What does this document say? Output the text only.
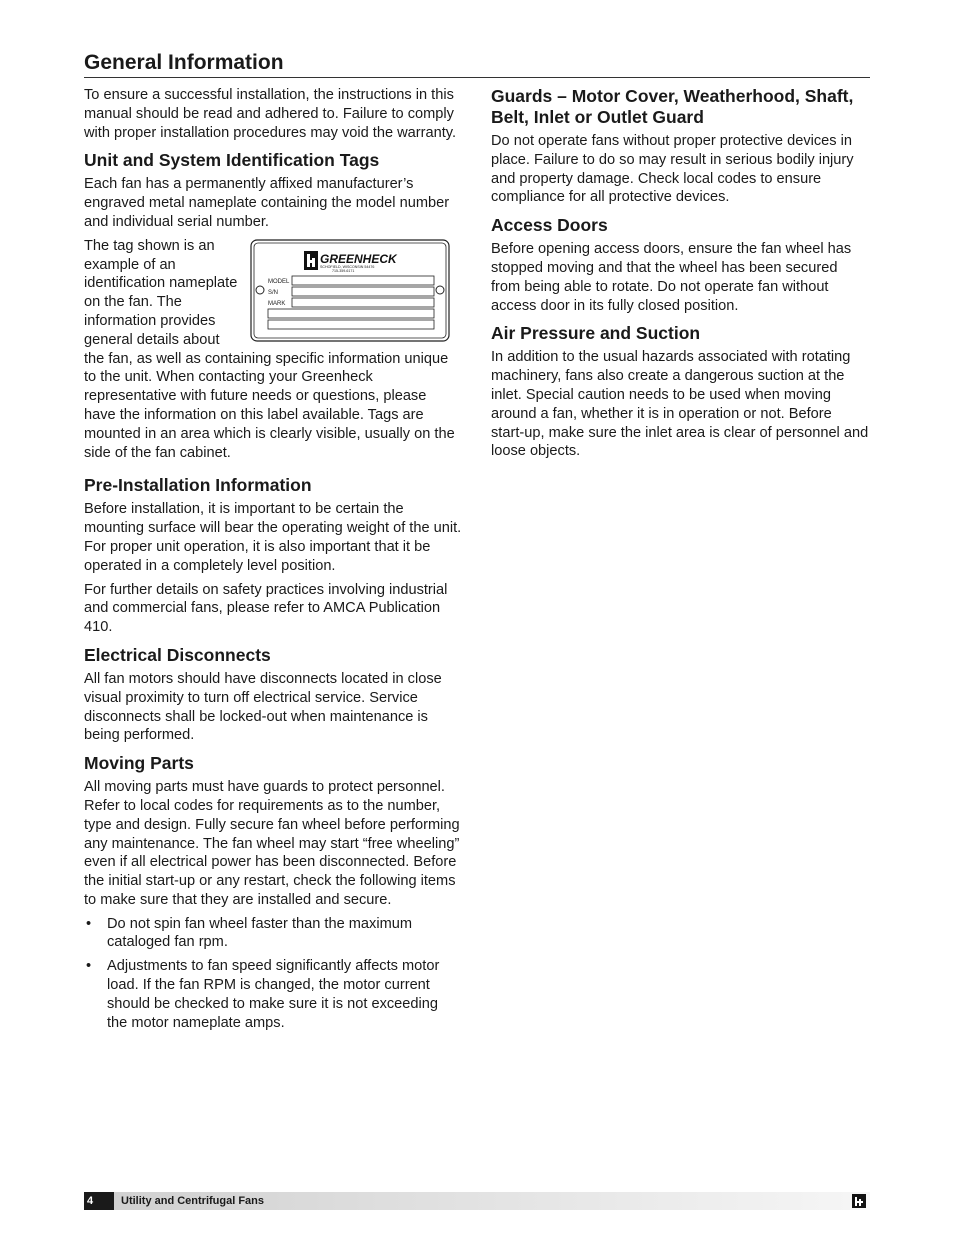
General Information

To ensure a successful installation, the instructions in this manual should be read and adhered to. Failure to comply with proper installation procedures may void the warranty.

Unit and System Identification Tags

Each fan has a permanently affixed manufacturer’s engraved metal nameplate containing the model number and individual serial number.

GREENHECK
SCHOFIELD, WISCONSIN 54476
715-359-6171
MODEL
S/N
MARK

The tag shown is an example of an identification nameplate on the fan. The information provides general details about the fan, as well as containing specific information unique to the unit. When contacting your Greenheck representative with future needs or questions, please have the information on this label available. Tags are mounted in an area which is clearly visible, usually on the side of the fan cabinet.

Pre-Installation Information

Before installation, it is important to be certain the mounting surface will bear the operating weight of the unit. For proper unit operation, it is also important that it be operated in a completely level position.

For further details on safety practices involving industrial and commercial fans, please refer to AMCA Publication 410.

Electrical Disconnects

All fan motors should have disconnects located in close visual proximity to turn off electrical service. Service disconnects shall be locked-out when maintenance is being performed.

Moving Parts

All moving parts must have guards to protect personnel. Refer to local codes for requirements as to the number, type and design. Fully secure fan wheel before performing any maintenance. The fan wheel may start “free wheeling” even if all electrical power has been disconnected. Before the initial start-up or any restart, check the following items to make sure that they are installed and secure.

• Do not spin fan wheel faster than the maximum cataloged fan rpm.
• Adjustments to fan speed significantly affects motor load. If the fan RPM is changed, the motor current should be checked to make sure it is not exceeding the motor nameplate amps.
Guards – Motor Cover, Weatherhood, Shaft, Belt, Inlet or Outlet Guard

Do not operate fans without proper protective devices in place. Failure to do so may result in serious bodily injury and property damage. Check local codes to ensure compliance for all protective devices.

Access Doors

Before opening access doors, ensure the fan wheel has stopped moving and that the wheel has been secured from being able to rotate. Do not operate fan without access door in its fully closed position.

Air Pressure and Suction

In addition to the usual hazards associated with rotating machinery, fans also create a dangerous suction at the inlet. Special caution needs to be used when moving around a fan, whether it is in operation or not. Before start-up, make sure the inlet area is clear of personnel and loose objects.

4	Utility and Centrifugal Fans
